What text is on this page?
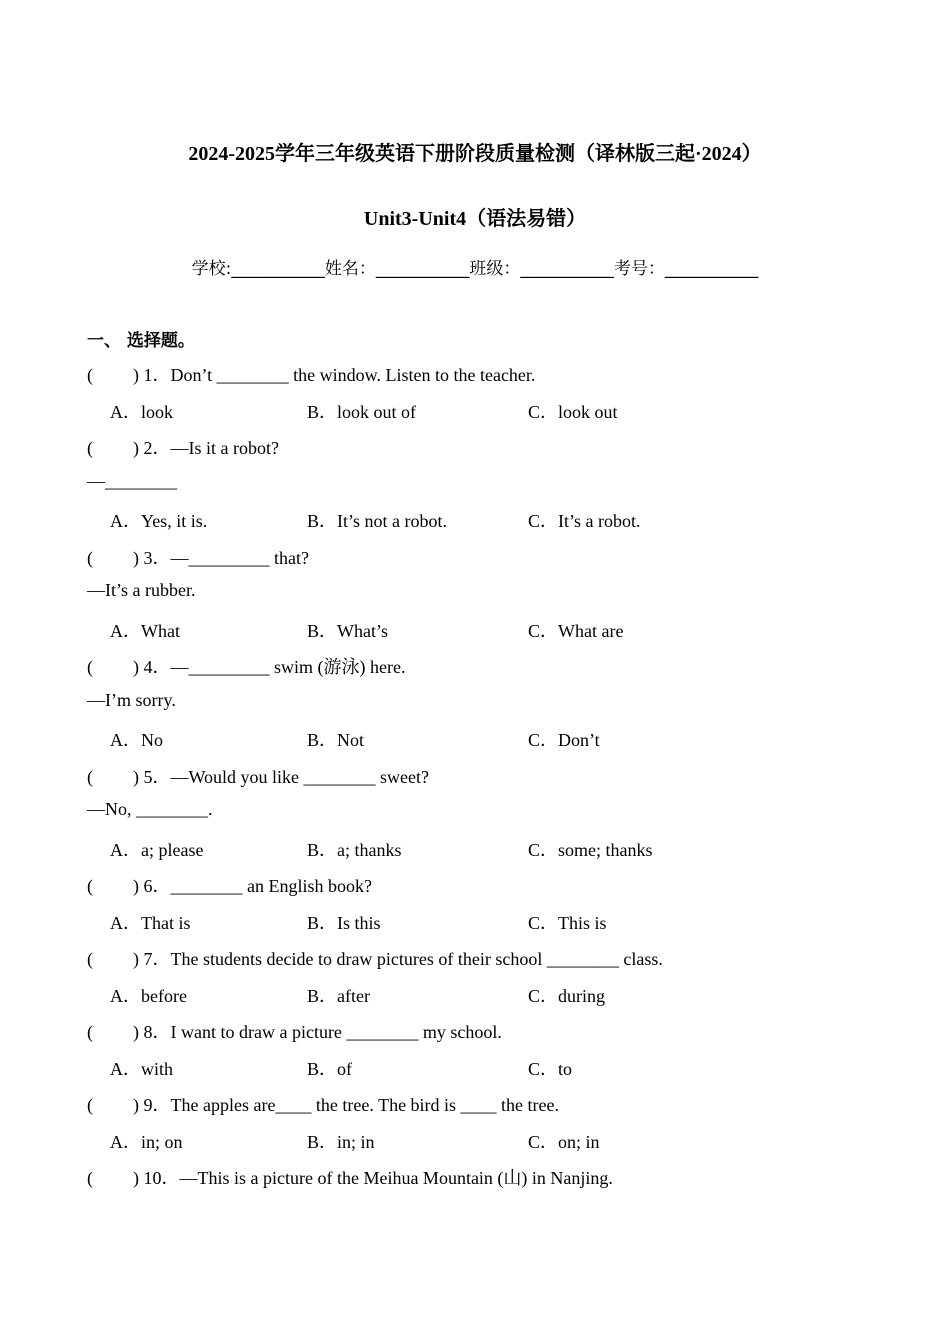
2024-2025学年三年级英语下册阶段质量检测（译林版三起·2024）
Unit3-Unit4（语法易错）
学校:___________姓名：___________班级：___________考号：___________
一、 选择题。
( ) 1．Don’t ________ the window. Listen to the teacher.
A．look	B．look out of	C．look out
( ) 2．—Is it a robot?
—________
A．Yes, it is.	B．It’s not a robot.	C．It’s a robot.
( ) 3．—_________ that?
—It’s a rubber.
A．What	B．What’s	C．What are
( ) 4．—_________ swim (游泳) here.
—I’m sorry.
A．No	B．Not	C．Don’t
( ) 5．—Would you like ________ sweet?
—No, ________.
A．a; please	B．a; thanks	C．some; thanks
( ) 6．________ an English book?
A．That is	B．Is this	C．This is
( ) 7．The students decide to draw pictures of their school ________ class.
A．before	B．after	C．during
( ) 8．I want to draw a picture ________ my school.
A．with	B．of	C．to
( ) 9．The apples are____ the tree. The bird is ____ the tree.
A．in; on	B．in; in	C．on; in
( ) 10．—This is a picture of the Meihua Mountain (山) in Nanjing.
